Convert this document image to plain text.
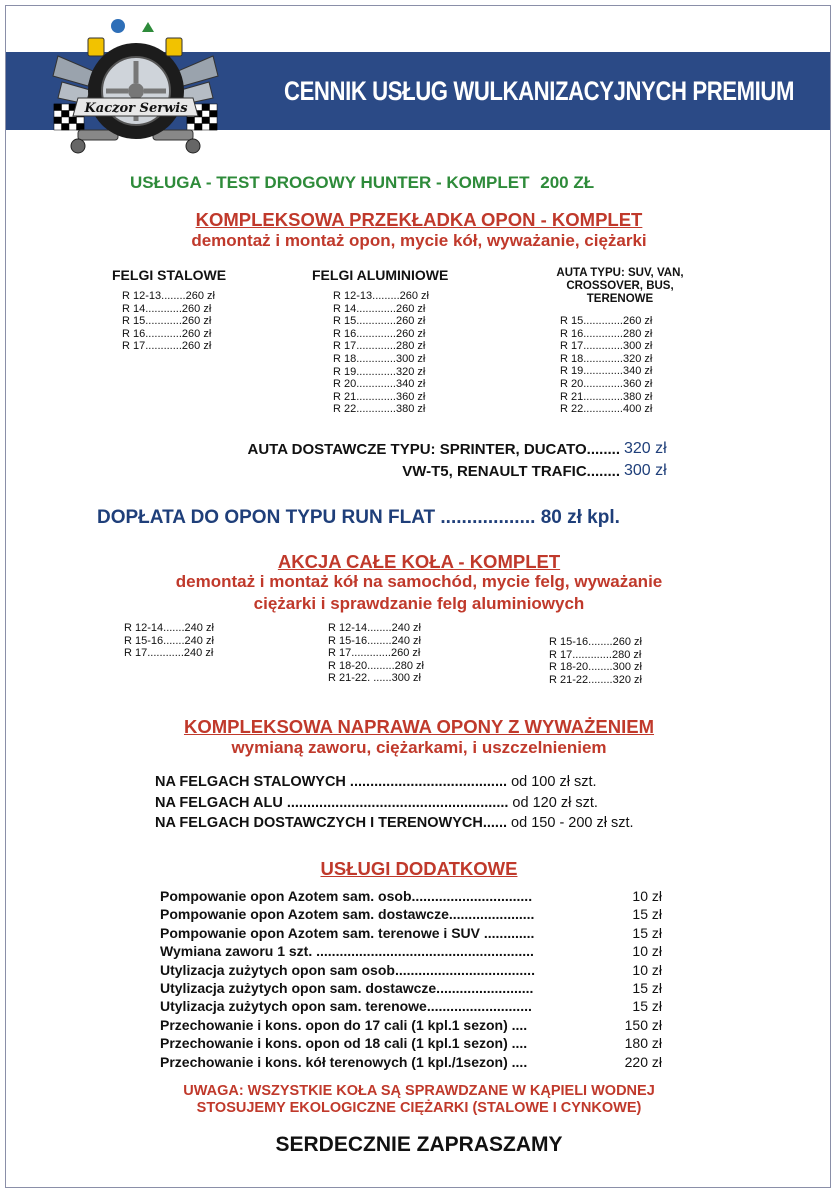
Kaczor Serwis
CENNIK USŁUG WULKANIZACYJNYCH PREMIUM
USŁUGA - TEST DROGOWY HUNTER - KOMPLET 200 ZŁ
KOMPLEKSOWA PRZEKŁADKA OPON - KOMPLET
demontaż i montaż opon, mycie kół, wyważanie, ciężarki
FELGI STALOWE
R 12-13........ 260 zł
R 14............ 260 zł
R 15............ 260 zł
R 16............ 260 zł
R 17............ 260 zł
FELGI ALUMINIOWE
R 12-13......... 260 zł
R 14............. 260 zł
R 15............. 260 zł
R 16............. 260 zł
R 17............. 280 zł
R 18............. 300 zł
R 19............. 320 zł
R 20............. 340 zł
R 21............. 360 zł
R 22............. 380 zł
AUTA TYPU: SUV, VAN,
CROSSOVER, BUS,
TERENOWE
R 15............. 260 zł
R 16............. 280 zł
R 17............. 300 zł
R 18............. 320 zł
R 19............. 340 zł
R 20............. 360 zł
R 21............. 380 zł
R 22............. 400 zł
AUTA DOSTAWCZE TYPU: SPRINTER, DUCATO........ 320 zł
VW-T5, RENAULT TRAFIC........ 300 zł
DOPŁATA DO OPON TYPU RUN FLAT .................. 80 zł kpl.
AKCJA CAŁE KOŁA - KOMPLET
demontaż i montaż kół na samochód, mycie felg, wyważanie
ciężarki i sprawdzanie felg aluminiowych
R 12-14....... 240 zł
R 15-16....... 240 zł
R 17............ 240 zł
R 12-14........ 240 zł
R 15-16........ 240 zł
R 17............. 260 zł
R 18-20......... 280 zł
R 21-22. ...... 300 zł
R 15-16........ 260 zł
R 17............. 280 zł
R 18-20........ 300 zł
R 21-22........ 320 zł
KOMPLEKSOWA NAPRAWA OPONY Z WYWAŻENIEM
wymianą zaworu, ciężarkami, i uszczelnieniem
NA FELGACH STALOWYCH ....................................... od 100 zł szt.
NA FELGACH ALU ....................................................... od 120 zł szt.
NA FELGACH DOSTAWCZYCH I TERENOWYCH...... od 150 - 200 zł szt.
USŁUGI DODATKOWE
Pompowanie opon Azotem sam. osob...............................	10 zł
Pompowanie opon Azotem sam. dostawcze......................	15 zł
Pompowanie opon Azotem sam. terenowe i SUV .............	15 zł
Wymiana zaworu 1 szt. ........................................................	10 zł
Utylizacja zużytych opon sam osob....................................	10 zł
Utylizacja zużytych opon sam. dostawcze.........................	15 zł
Utylizacja zużytych opon sam. terenowe...........................	15 zł
Przechowanie i kons. opon do 17 cali (1 kpl.1 sezon) ....	150 zł
Przechowanie i kons. opon od 18 cali (1 kpl.1 sezon) ....	180 zł
Przechowanie i kons. kół terenowych (1 kpl./1sezon) ....	220 zł
UWAGA: WSZYSTKIE KOŁA SĄ SPRAWDZANE W KĄPIELI WODNEJ
STOSUJEMY EKOLOGICZNE CIĘŻARKI (STALOWE I CYNKOWE)
SERDECZNIE ZAPRASZAMY
